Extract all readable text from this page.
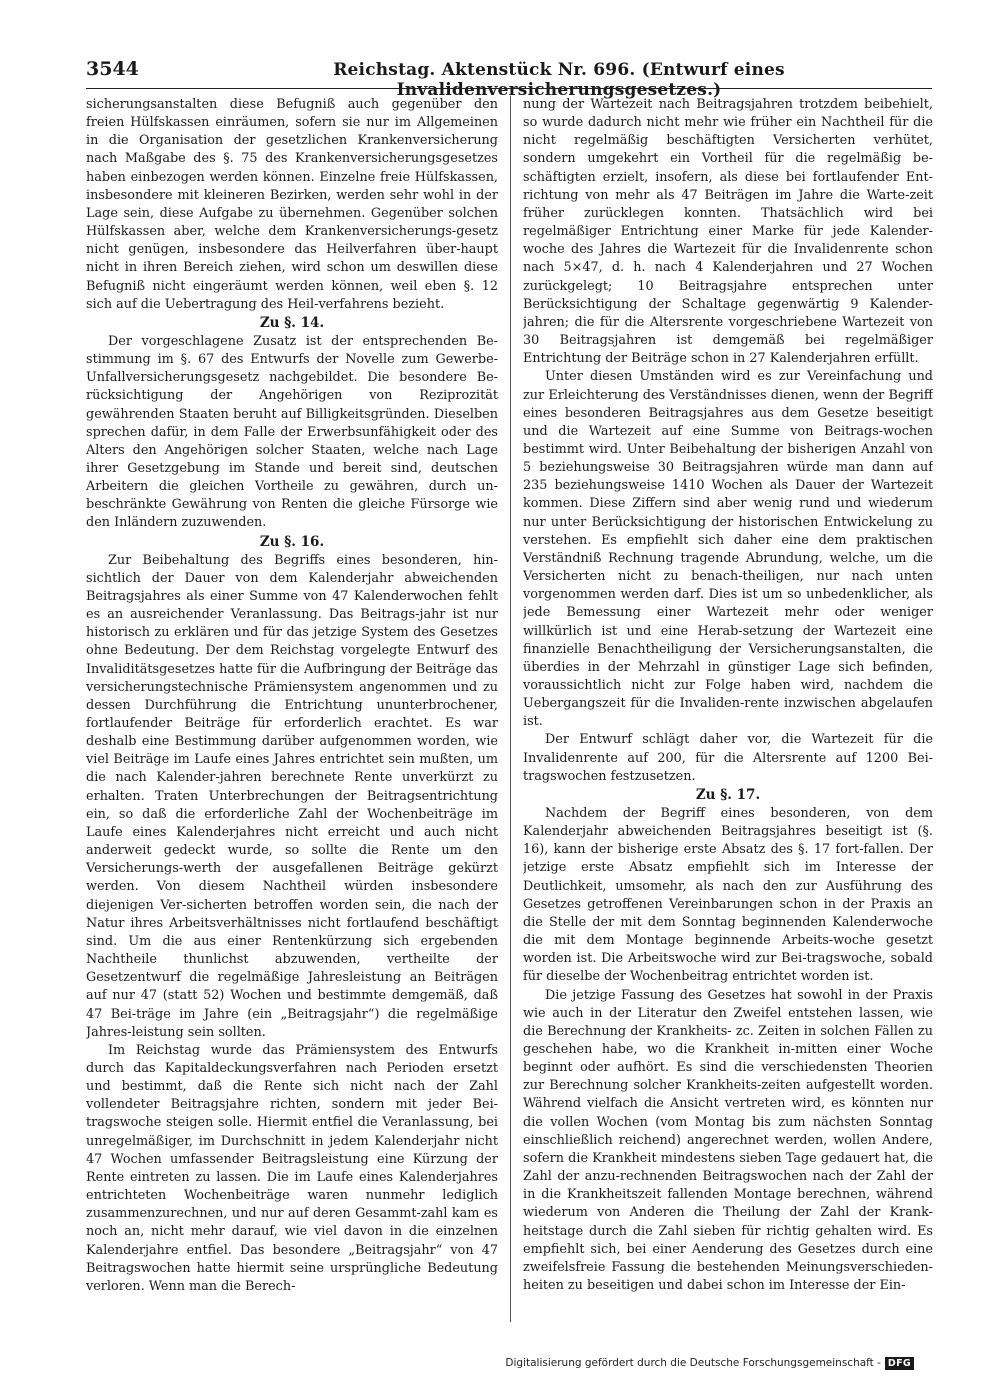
3544	Reichstag. Aktenstück Nr. 696. (Entwurf eines Invalidenversicherungsgesetzes.)

sicherungsanstalten diese Befugniß auch gegenüber den freien Hülfskassen einräumen, sofern sie nur im Allgemeinen in die Organisation der gesetzlichen Krankenversicherung nach Maßgabe des §. 75 des Krankenversicherungsgesetzes haben einbezogen werden können. Einzelne freie Hülfskassen, insbesondere mit kleineren Bezirken, werden sehr wohl in der Lage sein, diese Aufgabe zu übernehmen. Gegenüber solchen Hülfskassen aber, welche dem Krankenversicherungs-gesetz nicht genügen, insbesondere das Heilverfahren über-haupt nicht in ihren Bereich ziehen, wird schon um deswillen diese Befugniß nicht eingeräumt werden können, weil eben §. 12 sich auf die Uebertragung des Heil-verfahrens bezieht.

Zu §. 14.

Der vorgeschlagene Zusatz ist der entsprechenden Be-stimmung im §. 67 des Entwurfs der Novelle zum Gewerbe-Unfallversicherungsgesetz nachgebildet. Die besondere Be-rücksichtigung der Angehörigen von Reziprozität gewährenden Staaten beruht auf Billigkeitsgründen. Dieselben sprechen dafür, in dem Falle der Erwerbsunfähigkeit oder des Alters den Angehörigen solcher Staaten, welche nach Lage ihrer Gesetzgebung im Stande und bereit sind, deutschen Arbeitern die gleichen Vortheile zu gewähren, durch un-beschränkte Gewährung von Renten die gleiche Fürsorge wie den Inländern zuzuwenden.

Zu §. 16.

Zur Beibehaltung des Begriffs eines besonderen, hin-sichtlich der Dauer von dem Kalenderjahr abweichenden Beitragsjahres als einer Summe von 47 Kalenderwochen fehlt es an ausreichender Veranlassung. Das Beitrags-jahr ist nur historisch zu erklären und für das jetzige System des Gesetzes ohne Bedeutung. Der dem Reichstag vorgelegte Entwurf des Invaliditätsgesetzes hatte für die Aufbringung der Beiträge das versicherungstechnische Prämiensystem angenommen und zu dessen Durchführung die Entrichtung ununterbrochener, fortlaufender Beiträge für erforderlich erachtet. Es war deshalb eine Bestimmung darüber aufgenommen worden, wie viel Beiträge im Laufe eines Jahres entrichtet sein mußten, um die nach Kalender-jahren berechnete Rente unverkürzt zu erhalten. Traten Unterbrechungen der Beitragsentrichtung ein, so daß die erforderliche Zahl der Wochenbeiträge im Laufe eines Kalenderjahres nicht erreicht und auch nicht anderweit gedeckt wurde, so sollte die Rente um den Versicherungs-werth der ausgefallenen Beiträge gekürzt werden. Von diesem Nachtheil würden insbesondere diejenigen Ver-sicherten betroffen worden sein, die nach der Natur ihres Arbeitsverhältnisses nicht fortlaufend beschäftigt sind. Um die aus einer Rentenkürzung sich ergebenden Nachtheile thunlichst abzuwenden, vertheilte der Gesetzentwurf die regelmäßige Jahresleistung an Beiträgen auf nur 47 (statt 52) Wochen und bestimmte demgemäß, daß 47 Bei-träge im Jahre (ein „Beitragsjahr“) die regelmäßige Jahres-leistung sein sollten.

Im Reichstag wurde das Prämiensystem des Entwurfs durch das Kapitaldeckungsverfahren nach Perioden ersetzt und bestimmt, daß die Rente sich nicht nach der Zahl vollendeter Beitragsjahre richten, sondern mit jeder Bei-tragswoche steigen solle. Hiermit entfiel die Veranlassung, bei unregelmäßiger, im Durchschnitt in jedem Kalenderjahr nicht 47 Wochen umfassender Beitragsleistung eine Kürzung der Rente eintreten zu lassen. Die im Laufe eines Kalenderjahres entrichteten Wochenbeiträge waren nunmehr lediglich zusammenzurechnen, und nur auf deren Gesammt-zahl kam es noch an, nicht mehr darauf, wie viel davon in die einzelnen Kalenderjahre entfiel. Das besondere „Beitragsjahr“ von 47 Beitragswochen hatte hiermit seine ursprüngliche Bedeutung verloren. Wenn man die Berech-

nung der Wartezeit nach Beitragsjahren trotzdem beibehielt, so wurde dadurch nicht mehr wie früher ein Nachtheil für die nicht regelmäßig beschäftigten Versicherten verhütet, sondern umgekehrt ein Vortheil für die regelmäßig be-schäftigten erzielt, insofern, als diese bei fortlaufender Ent-richtung von mehr als 47 Beiträgen im Jahre die Warte-zeit früher zurücklegen konnten. Thatsächlich wird bei regelmäßiger Entrichtung einer Marke für jede Kalender-woche des Jahres die Wartezeit für die Invalidenrente schon nach 5×47, d. h. nach 4 Kalenderjahren und 27 Wochen zurückgelegt; 10 Beitragsjahre entsprechen unter Berücksichtigung der Schaltage gegenwärtig 9 Kalender-jahren; die für die Altersrente vorgeschriebene Wartezeit von 30 Beitragsjahren ist demgemäß bei regelmäßiger Entrichtung der Beiträge schon in 27 Kalenderjahren erfüllt.

Unter diesen Umständen wird es zur Vereinfachung und zur Erleichterung des Verständnisses dienen, wenn der Begriff eines besonderen Beitragsjahres aus dem Gesetze beseitigt und die Wartezeit auf eine Summe von Beitrags-wochen bestimmt wird. Unter Beibehaltung der bisherigen Anzahl von 5 beziehungsweise 30 Beitragsjahren würde man dann auf 235 beziehungsweise 1410 Wochen als Dauer der Wartezeit kommen. Diese Ziffern sind aber wenig rund und wiederum nur unter Berücksichtigung der historischen Entwickelung zu verstehen. Es empfiehlt sich daher eine dem praktischen Verständniß Rechnung tragende Abrundung, welche, um die Versicherten nicht zu benach-theiligen, nur nach unten vorgenommen werden darf. Dies ist um so unbedenklicher, als jede Bemessung einer Wartezeit mehr oder weniger willkürlich ist und eine Herab-setzung der Wartezeit eine finanzielle Benachtheiligung der Versicherungsanstalten, die überdies in der Mehrzahl in günstiger Lage sich befinden, voraussichtlich nicht zur Folge haben wird, nachdem die Uebergangszeit für die Invaliden-rente inzwischen abgelaufen ist.

Der Entwurf schlägt daher vor, die Wartezeit für die Invalidenrente auf 200, für die Altersrente auf 1200 Bei-tragswochen festzusetzen.

Zu §. 17.

Nachdem der Begriff eines besonderen, von dem Kalenderjahr abweichenden Beitragsjahres beseitigt ist (§. 16), kann der bisherige erste Absatz des §. 17 fort-fallen. Der jetzige erste Absatz empfiehlt sich im Interesse der Deutlichkeit, umsomehr, als nach den zur Ausführung des Gesetzes getroffenen Vereinbarungen schon in der Praxis an die Stelle der mit dem Sonntag beginnenden Kalenderwoche die mit dem Montage beginnende Arbeits-woche gesetzt worden ist. Die Arbeitswoche wird zur Bei-tragswoche, sobald für dieselbe der Wochenbeitrag entrichtet worden ist.

Die jetzige Fassung des Gesetzes hat sowohl in der Praxis wie auch in der Literatur den Zweifel entstehen lassen, wie die Berechnung der Krankheits- zc. Zeiten in solchen Fällen zu geschehen habe, wo die Krankheit in-mitten einer Woche beginnt oder aufhört. Es sind die verschiedensten Theorien zur Berechnung solcher Krankheits-zeiten aufgestellt worden. Während vielfach die Ansicht vertreten wird, es könnten nur die vollen Wochen (vom Montag bis zum nächsten Sonntag einschließlich reichend) angerechnet werden, wollen Andere, sofern die Krankheit mindestens sieben Tage gedauert hat, die Zahl der anzu-rechnenden Beitragswochen nach der Zahl der in die Krankheitszeit fallenden Montage berechnen, während wiederum von Anderen die Theilung der Zahl der Krank-heitstage durch die Zahl sieben für richtig gehalten wird. Es empfiehlt sich, bei einer Aenderung des Gesetzes durch eine zweifelsfreie Fassung die bestehenden Meinungsverschieden-heiten zu beseitigen und dabei schon im Interesse der Ein-

Digitalisierung gefördert durch die Deutsche Forschungsgemeinschaft - DFG
